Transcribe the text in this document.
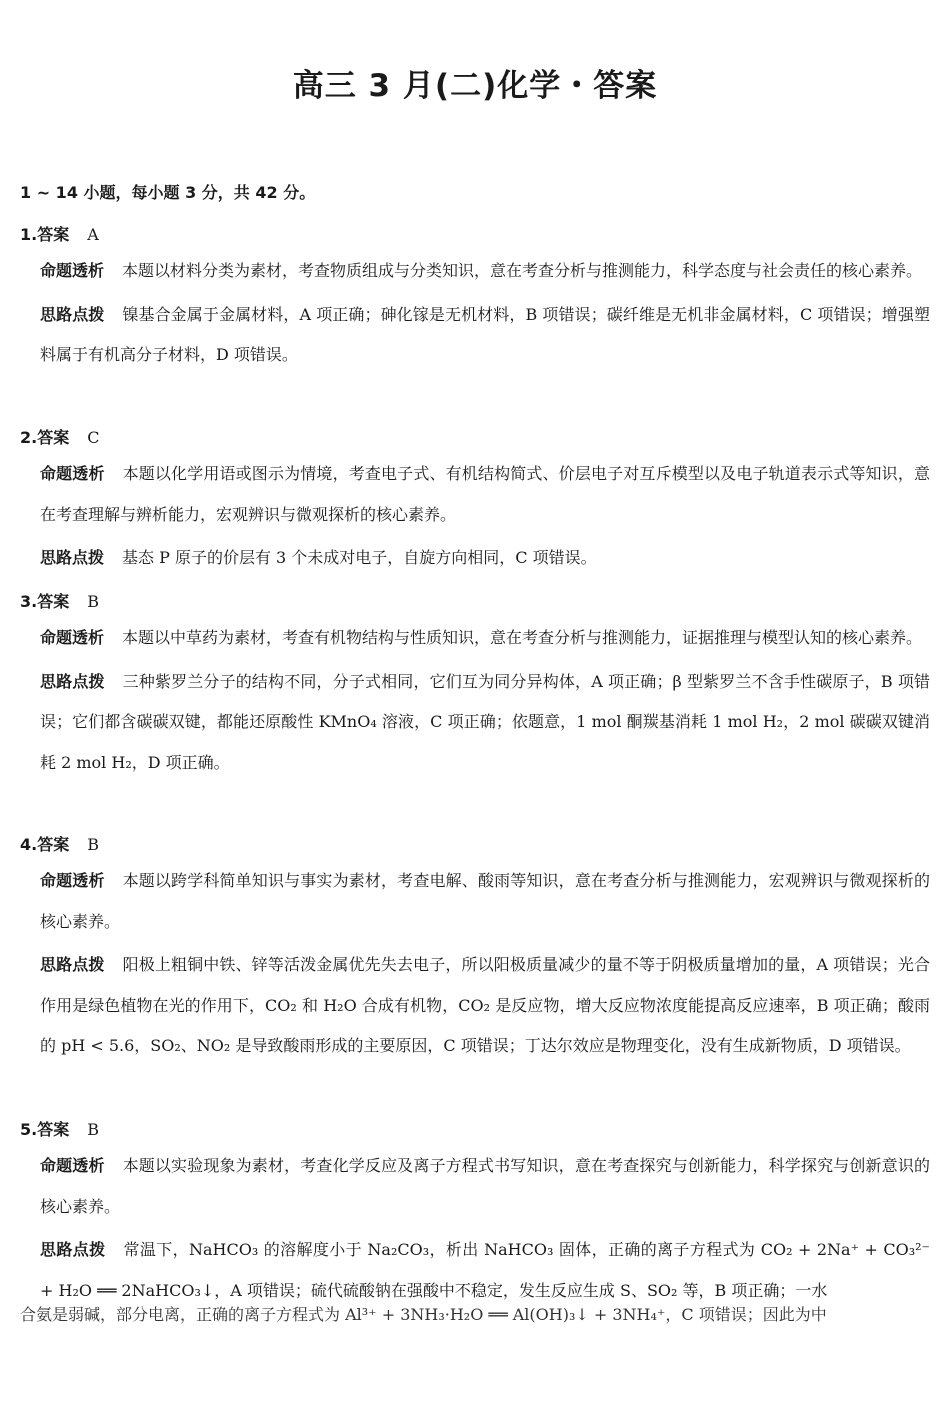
高三 3 月(二)化学・答案
1 ~ 14 小题，每小题 3 分，共 42 分。
1.答案 A
命题透析 本题以材料分类为素材，考查物质组成与分类知识，意在考查分析与推测能力，科学态度与社会责任的核心素养。
思路点拨 镍基合金属于金属材料，A 项正确；砷化镓是无机材料，B 项错误；碳纤维是无机非金属材料，C 项错误；增强塑料属于有机高分子材料，D 项错误。
2.答案 C
命题透析 本题以化学用语或图示为情境，考查电子式、有机结构简式、价层电子对互斥模型以及电子轨道表示式等知识，意在考查理解与辨析能力，宏观辨识与微观探析的核心素养。
思路点拨 基态 P 原子的价层有 3 个未成对电子，自旋方向相同，C 项错误。
3.答案 B
命题透析 本题以中草药为素材，考查有机物结构与性质知识，意在考查分析与推测能力，证据推理与模型认知的核心素养。
思路点拨 三种紫罗兰分子的结构不同，分子式相同，它们互为同分异构体，A 项正确；β 型紫罗兰不含手性碳原子，B 项错误；它们都含碳碳双键，都能还原酸性 KMnO₄ 溶液，C 项正确；依题意，1 mol 酮羰基消耗 1 mol H₂，2 mol 碳碳双键消耗 2 mol H₂，D 项正确。
4.答案 B
命题透析 本题以跨学科简单知识与事实为素材，考查电解、酸雨等知识，意在考查分析与推测能力，宏观辨识与微观探析的核心素养。
思路点拨 阳极上粗铜中铁、锌等活泼金属优先失去电子，所以阳极质量减少的量不等于阴极质量增加的量，A 项错误；光合作用是绿色植物在光的作用下，CO₂ 和 H₂O 合成有机物，CO₂ 是反应物，增大反应物浓度能提高反应速率，B 项正确；酸雨的 pH < 5.6，SO₂、NO₂ 是导致酸雨形成的主要原因，C 项错误；丁达尔效应是物理变化，没有生成新物质，D 项错误。
5.答案 B
命题透析 本题以实验现象为素材，考查化学反应及离子方程式书写知识，意在考查探究与创新能力，科学探究与创新意识的核心素养。
思路点拨 常温下，NaHCO₃ 的溶解度小于 Na₂CO₃，析出 NaHCO₃ 固体，正确的离子方程式为 CO₂ + 2Na⁺ + CO₃²⁻ + H₂O ══ 2NaHCO₃↓，A 项错误；硫代硫酸钠在强酸中不稳定，发生反应生成 S、SO₂ 等，B 项正确；一水
合氨是弱碱，部分电离，正确的离子方程式为 Al³⁺ + 3NH₃·H₂O ══ Al(OH)₃↓ + 3NH₄⁺，C 项错误；因此为中
